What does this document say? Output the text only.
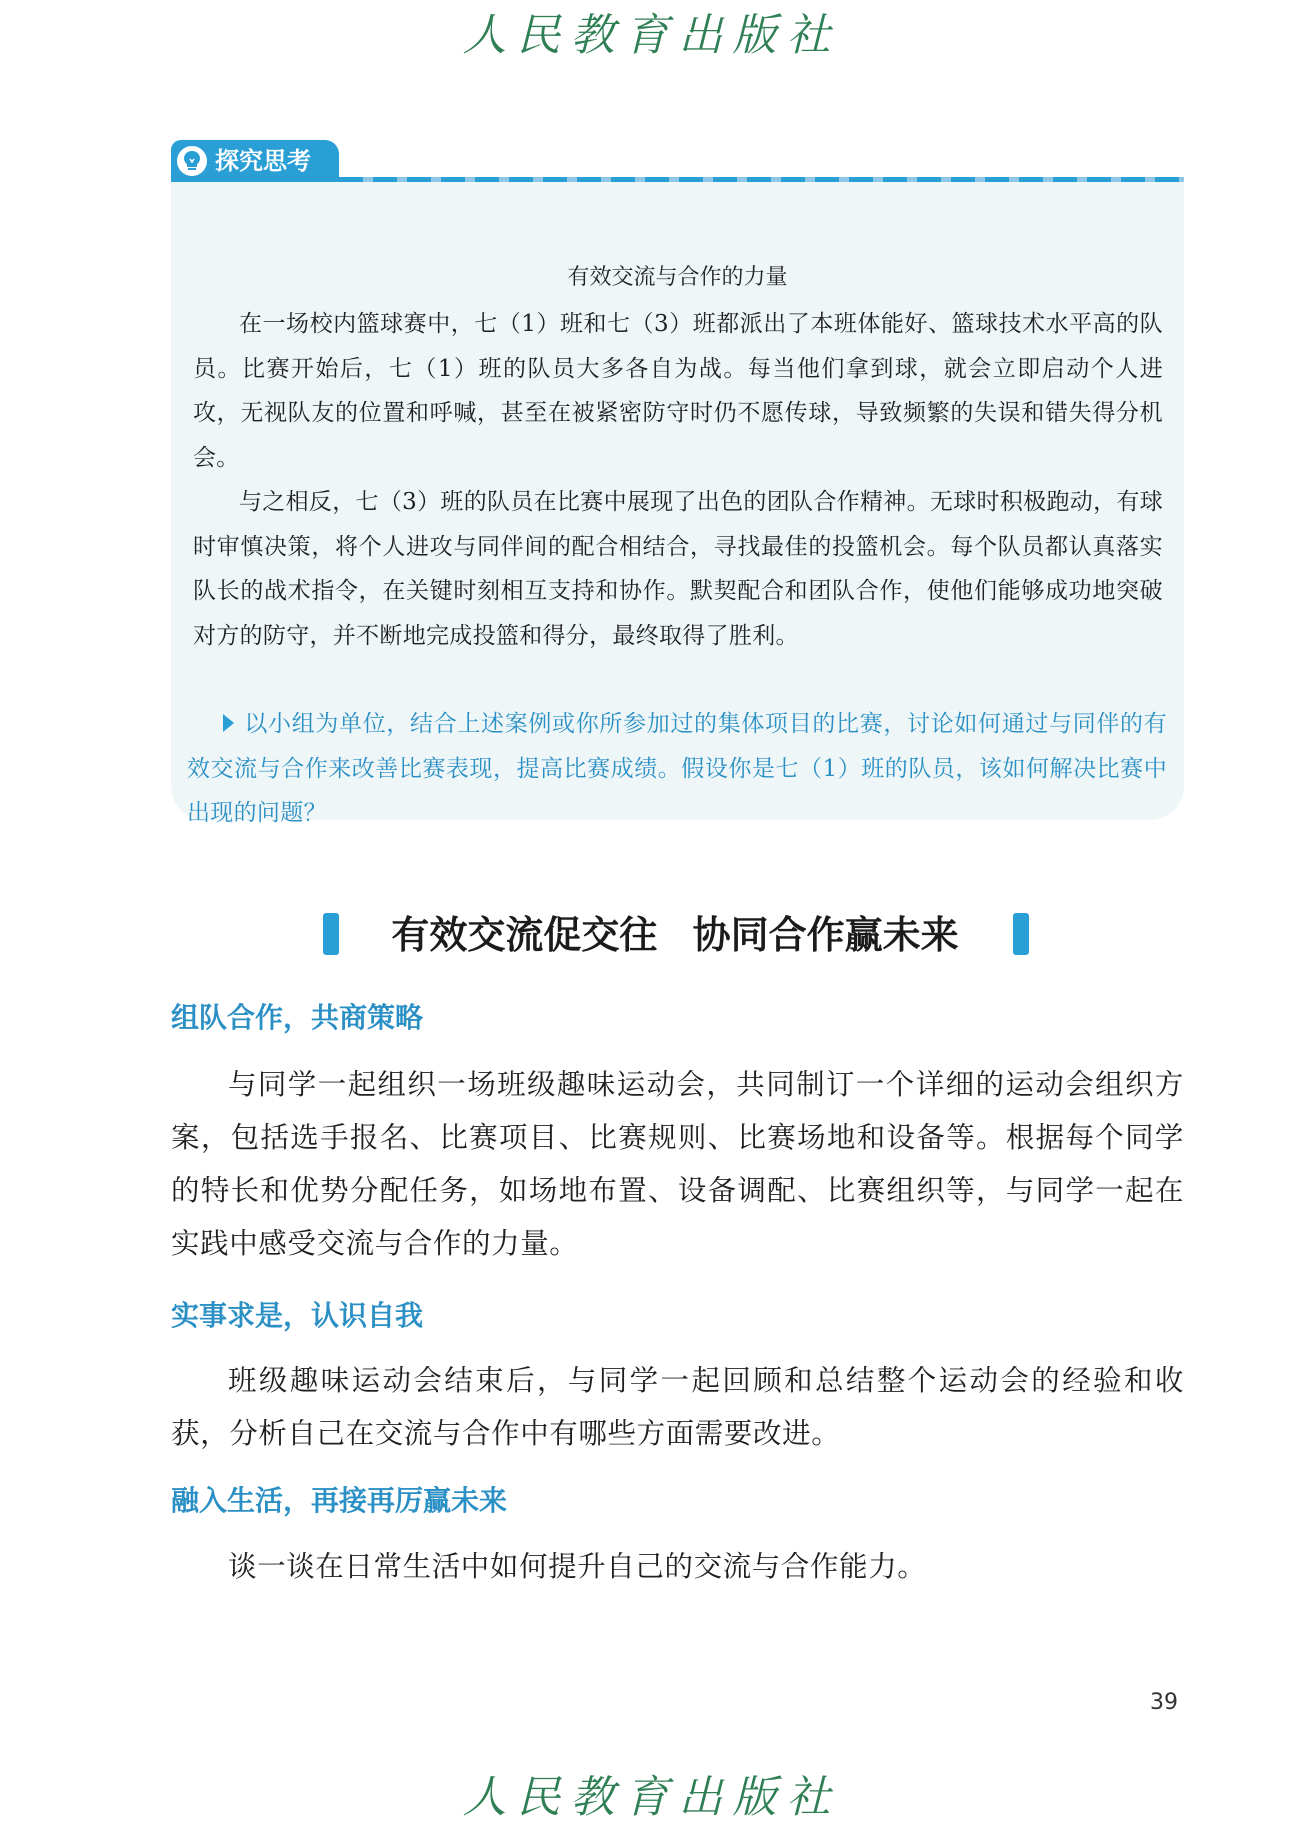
人民教育出版社
探究思考
有效交流与合作的力量

在一场校内篮球赛中，七（1）班和七（3）班都派出了本班体能好、篮球技术水平高的队员。比赛开始后，七（1）班的队员大多各自为战。每当他们拿到球，就会立即启动个人进攻，无视队友的位置和呼喊，甚至在被紧密防守时仍不愿传球，导致频繁的失误和错失得分机会。

与之相反，七（3）班的队员在比赛中展现了出色的团队合作精神。无球时积极跑动，有球时审慎决策，将个人进攻与同伴间的配合相结合，寻找最佳的投篮机会。每个队员都认真落实队长的战术指令，在关键时刻相互支持和协作。默契配合和团队合作，使他们能够成功地突破对方的防守，并不断地完成投篮和得分，最终取得了胜利。

以小组为单位，结合上述案例或你所参加过的集体项目的比赛，讨论如何通过与同伴的有效交流与合作来改善比赛表现，提高比赛成绩。假设你是七（1）班的队员，该如何解决比赛中出现的问题？

有效交流促交往 协同合作赢未来
组队合作，共商策略

与同学一起组织一场班级趣味运动会，共同制订一个详细的运动会组织方案，包括选手报名、比赛项目、比赛规则、比赛场地和设备等。根据每个同学的特长和优势分配任务，如场地布置、设备调配、比赛组织等，与同学一起在实践中感受交流与合作的力量。

实事求是，认识自我

班级趣味运动会结束后，与同学一起回顾和总结整个运动会的经验和收获，分析自己在交流与合作中有哪些方面需要改进。

融入生活，再接再厉赢未来

谈一谈在日常生活中如何提升自己的交流与合作能力。

39
人民教育出版社
